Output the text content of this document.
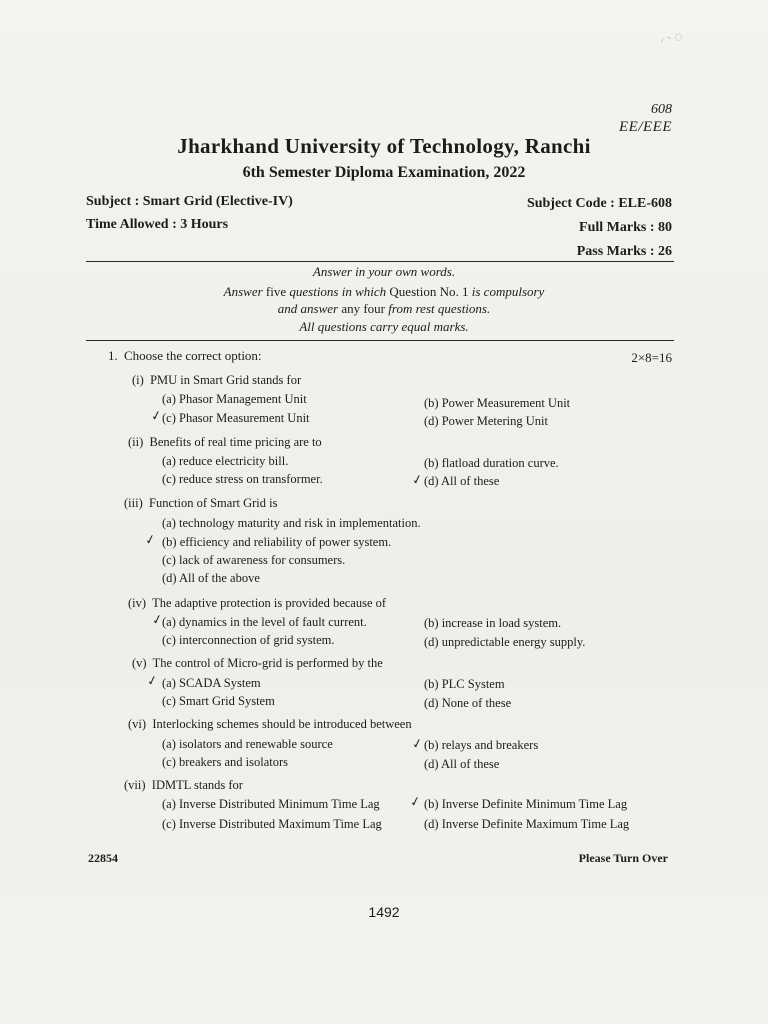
⸍ ⸌ ◌
608
EE/EEE
Jharkhand University of Technology, Ranchi
6th Semester Diploma Examination, 2022
Subject : Smart Grid (Elective-IV)
Time Allowed : 3 Hours
Subject Code : ELE-608
Full Marks : 80
Pass Marks : 26
Answer in your own words.
Answer five questions in which Question No. 1 is compulsory
and answer any four from rest questions.
All questions carry equal marks.
1. Choose the correct option:	2×8=16
(i) PMU in Smart Grid stands for
(a) Phasor Management Unit	(b) Power Measurement Unit
(c) Phasor Measurement Unit	(d) Power Metering Unit
✓
(ii) Benefits of real time pricing are to
(a) reduce electricity bill.	(b) flatload duration curve.
(c) reduce stress on transformer.	(d) All of these
✓
(iii) Function of Smart Grid is
(a) technology maturity and risk in implementation.
(b) efficiency and reliability of power system.
(c) lack of awareness for consumers.
(d) All of the above
✓
(iv) The adaptive protection is provided because of
(a) dynamics in the level of fault current.	(b) increase in load system.
(c) interconnection of grid system.	(d) unpredictable energy supply.
✓
(v) The control of Micro-grid is performed by the
(a) SCADA System	(b) PLC System
(c) Smart Grid System	(d) None of these
✓
(vi) Interlocking schemes should be introduced between
(a) isolators and renewable source	(b) relays and breakers
(c) breakers and isolators	(d) All of these
✓
(vii) IDMTL stands for
(a) Inverse Distributed Minimum Time Lag	(b) Inverse Definite Minimum Time Lag
(c) Inverse Distributed Maximum Time Lag	(d) Inverse Definite Maximum Time Lag
✓
22854	Please Turn Over
1492
